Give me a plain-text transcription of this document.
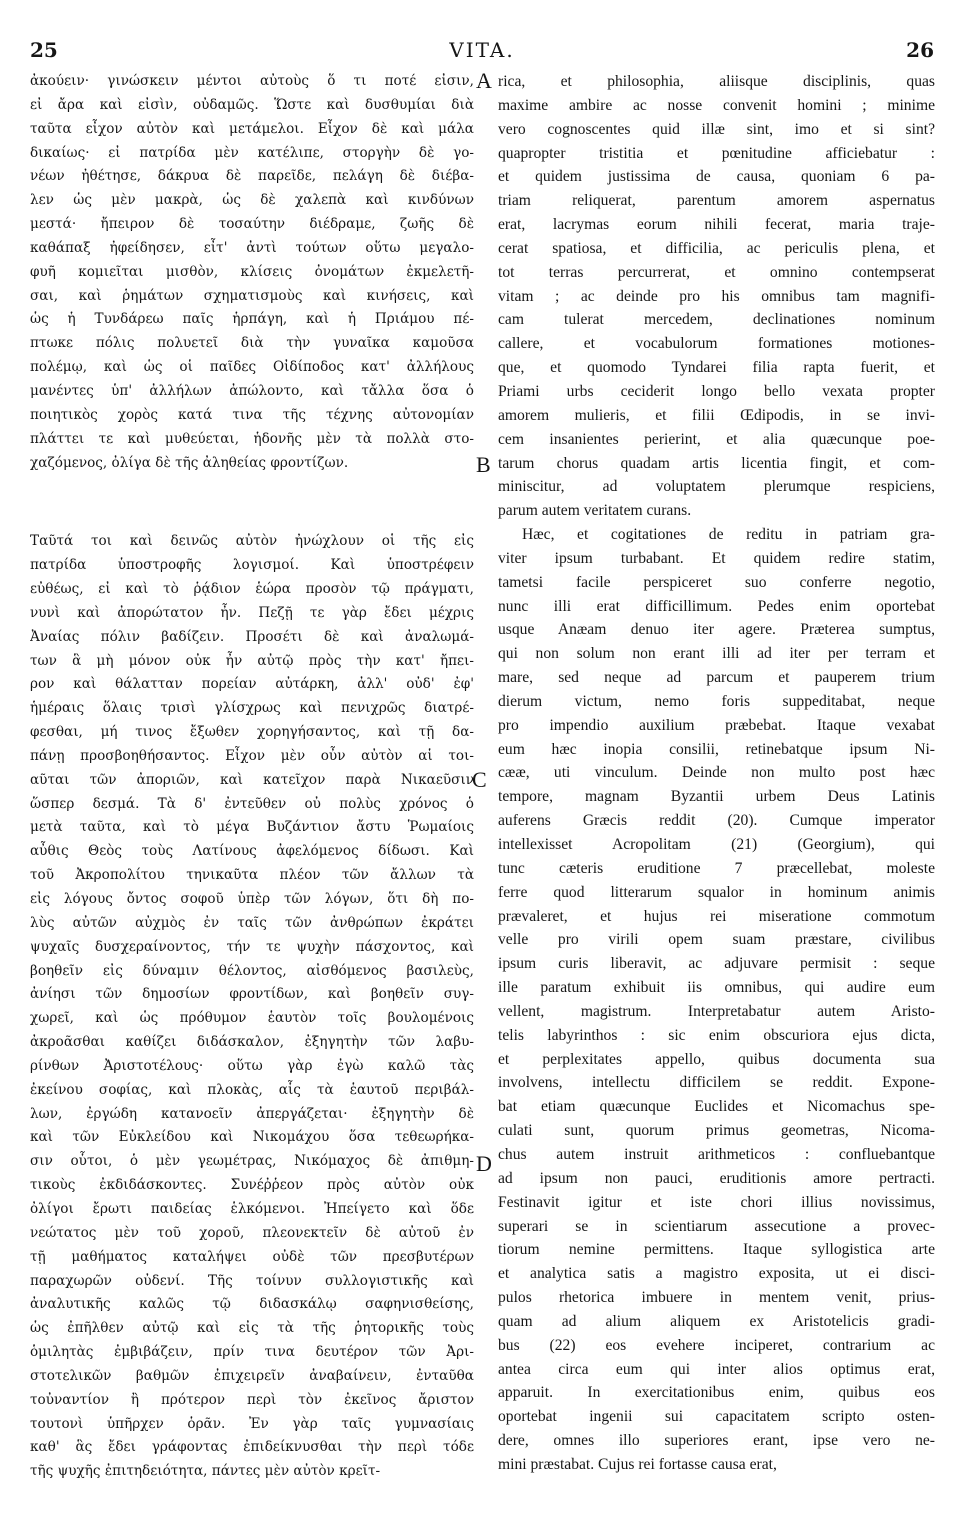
25	VITA.	26
ἀκούειν· γινώσκειν μέντοι αὐτοὺς ὅ τι ποτέ εἰσιν,
εἰ ἄρα καὶ εἰσὶν, οὐδαμῶς. Ὥστε καὶ δυσθυμίαι διὰ
ταῦτα εἶχον αὐτὸν καὶ μετάμελοι. Εἶχον δὲ καὶ μάλα
δικαίως· εἰ πατρίδα μὲν κατέλιπε, στοργὴν δὲ γο-
νέων ἠθέτησε, δάκρυα δὲ παρεῖδε, πελάγη δὲ διέβα-
λεν ὡς μὲν μακρὰ, ὡς δὲ χαλεπὰ καὶ κινδύνων
μεστά· ἤπειρον δὲ τοσαύτην διέδραμε, ζωῆς δὲ
καθάπαξ ἠφείδησεν, εἶτ' ἀντὶ τούτων οὕτω μεγαλο-
φυῆ κομιεῖται μισθὸν, κλίσεις ὀνομάτων ἐκμελετῆ-
σαι, καὶ ῥημάτων σχηματισμοὺς καὶ κινήσεις, καὶ
ὡς ἡ Τυνδάρεω παῖς ἡρπάγη, καὶ ἡ Πριάμου πέ-
πτωκε πόλις πολυετεῖ διὰ τὴν γυναῖκα καμοῦσα
πολέμῳ, καὶ ὡς οἱ παῖδες Οἰδίποδος κατ' ἀλλήλους
μανέντες ὑπ' ἀλλήλων ἀπώλοντο, καὶ τἄλλα ὅσα ὁ
ποιητικὸς χορὸς κατά τινα τῆς τέχνης αὐτονομίαν
πλάττει τε καὶ μυθεύεται, ἡδονῆς μὲν τὰ πολλὰ στο-
χαζόμενος, ὀλίγα δὲ τῆς ἀληθείας φροντίζων.
Ταῦτά τοι καὶ δεινῶς αὐτὸν ἠνώχλουν οἱ τῆς εἰς
πατρίδα ὑποστροφῆς λογισμοί. Καὶ ὑποστρέφειν
εὐθέως, εἰ καὶ τὸ ῥᾴδιον ἑώρα προσὸν τῷ πράγματι,
νυνὶ καὶ ἀπορώτατον ἦν. Πεζῇ τε γὰρ ἔδει μέχρις
Ἀναίας πόλιν βαδίζειν. Προσέτι δὲ καὶ ἀναλωμά-
των ἃ μὴ μόνον οὐκ ἦν αὐτῷ πρὸς τὴν κατ' ἤπει-
ρον καὶ θάλατταν πορείαν αὐτάρκη, ἀλλ' οὐδ' ἐφ'
ἡμέραις ὅλαις τρισὶ γλίσχρως καὶ πενιχρῶς διατρέ-
φεσθαι, μή τινος ἔξωθεν χορηγήσαντος, καὶ τῇ δα-
πάνῃ προσβοηθήσαντος. Εἶχον μὲν οὖν αὐτὸν αἱ τοι-
αῦται τῶν ἀποριῶν, καὶ κατεῖχον παρὰ Νικαεῦσιν
ὥσπερ δεσμά. Τὰ δ' ἐντεῦθεν οὐ πολὺς χρόνος ὁ
μετὰ ταῦτα, καὶ τὸ μέγα Βυζάντιον ἄστυ Ῥωμαίοις
αὖθις Θεὸς τοὺς Λατίνους ἀφελόμενος δίδωσι. Καὶ
τοῦ Ἀκροπολίτου τηνικαῦτα πλέον τῶν ἄλλων τὰ
εἰς λόγους ὄντος σοφοῦ ὑπὲρ τῶν λόγων, ὅτι δὴ πο-
λὺς αὐτῶν αὐχμὸς ἐν ταῖς τῶν ἀνθρώπων ἐκράτει
ψυχαῖς δυσχεραίνοντος, τήν τε ψυχὴν πάσχοντος, καὶ
βοηθεῖν εἰς δύναμιν θέλοντος, αἰσθόμενος βασιλεὺς,
ἀνίησι τῶν δημοσίων φροντίδων, καὶ βοηθεῖν συγ-
χωρεῖ, καὶ ὡς πρόθυμον ἑαυτὸν τοῖς βουλομένοις
ἀκροᾶσθαι καθίζει διδάσκαλον, ἐξηγητὴν τῶν λαβυ-
ρίνθων Ἀριστοτέλους· οὕτω γὰρ ἐγὼ καλῶ τὰς
ἐκείνου σοφίας, καὶ πλοκὰς, αἷς τὰ ἑαυτοῦ περιβάλ-
λων, ἐργώδη κατανοεῖν ἀπεργάζεται· ἐξηγητὴν δὲ
καὶ τῶν Εὐκλείδου καὶ Νικομάχου ὅσα τεθεωρήκα-
σιν οὗτοι, ὁ μὲν γεωμέτρας, Νικόμαχος δὲ ἀπιθμη-
τικοὺς ἐκδιδάσκοντες. Συνέῤῥεον πρὸς αὐτὸν οὐκ
ὀλίγοι ἔρωτι παιδείας ἑλκόμενοι. Ἠπείγετο καὶ ὅδε
νεώτατος μὲν τοῦ χοροῦ, πλεονεκτεῖν δὲ αὐτοῦ ἐν
τῇ μαθήματος καταλήψει οὐδὲ τῶν πρεσβυτέρων
παραχωρῶν οὐδενί. Τῆς τοίνυν συλλογιστικῆς καὶ
ἀναλυτικῆς καλῶς τῷ διδασκάλῳ σαφηνισθείσης,
ὡς ἐπῆλθεν αὐτῷ καὶ εἰς τὰ τῆς ῥητορικῆς τοὺς
ὁμιλητὰς ἐμβιβάζειν, πρίν τινα δευτέρον τῶν Ἀρι-
στοτελικῶν βαθμῶν ἐπιχειρεῖν ἀναβαίνειν, ἐνταῦθα
τοὐναντίον ἢ πρότερον περὶ τὸν ἐκεῖνος ἄριστον
τουτονὶ ὑπῆρχεν ὁρᾶν. Ἐν γὰρ ταῖς γυμνασίαις
καθ' ἃς ἔδει γράφοντας ἐπιδείκνυσθαι τὴν περὶ τόδε
τῆς ψυχῆς ἐπιτηδειότητα, πάντες μὲν αὐτὸν κρεῖτ-
rica, et philosophia, aliisque disciplinis, quas
maxime ambire ac nosse convenit homini ; minime
vero cognoscentes quid illæ sint, imo et si sint?
quapropter tristitia et pœnitudine afficiebatur :
et quidem justissima de causa, quoniam 6 pa-
triam reliquerat, parentum amorem aspernatus
erat, lacrymas eorum nihili fecerat, maria traje-
cerat spatiosa, et difficilia, ac periculis plena, et
tot terras percurrerat, et omnino contempserat
vitam ; ac deinde pro his omnibus tam magnifi-
cam tulerat mercedem, declinationes nominum
callere, et vocabulorum formationes motiones-
que, et quomodo Tyndarei filia rapta fuerit, et
Priami urbs ceciderit longo bello vexata propter
amorem mulieris, et filii Œdipodis, in se invi-
cem insanientes perierint, et alia quæcunque poe-
tarum chorus quadam artis licentia fingit, et com-
miniscitur, ad voluptatem plerumque respiciens,
parum autem veritatem curans.
Hæc, et cogitationes de reditu in patriam gra-
viter ipsum turbabant. Et quidem redire statim,
tametsi facile perspiceret suo conferre negotio,
nunc illi erat difficillimum. Pedes enim oportebat
usque Anæam denuo iter agere. Præterea sumptus,
qui non solum non erant illi ad iter per terram et
mare, sed neque ad parcum et pauperem trium
dierum victum, nemo foris suppeditabat, neque
pro impendio auxilium præbebat. Itaque vexabat
eum hæc inopia consilii, retinebatque ipsum Ni-
cææ, uti vinculum. Deinde non multo post hæc
tempore, magnam Byzantii urbem Deus Latinis
auferens Græcis reddit (20). Cumque imperator
intellexisset Acropolitam (21) (Georgium), qui
tunc cæteris eruditione 7 præcellebat, moleste
ferre quod litterarum squalor in hominum animis
prævaleret, et hujus rei miseratione commotum
velle pro virili opem suam præstare, civilibus
ipsum curis liberavit, ac adjuvare permisit : seque
ille paratum exhibuit iis omnibus, qui audire eum
vellent, magistrum. Interpretabatur autem Aristo-
telis labyrinthos : sic enim obscuriora ejus dicta,
et perplexitates appello, quibus documenta sua
involvens, intellectu difficilem se reddit. Expone-
bat etiam quæcunque Euclides et Nicomachus spe-
culati sunt, quorum primus geometras, Nicoma-
chus autem instruit arithmeticos : confluebantque
ad ipsum non pauci, eruditionis amore pertracti.
Festinavit igitur et iste chori illius novissimus,
superari se in scientiarum assecutione a provec-
tiorum nemine permittens. Itaque syllogistica arte
et analytica satis a magistro exposita, ut ei disci-
pulos rhetorica imbuere in mentem venit, prius-
quam ad alium aliquem ex Aristotelicis gradi-
bus (22) eos evehere inciperet, contrarium ac
antea circa eum qui inter alios optimus erat,
apparuit. In exercitationibus enim, quibus eos
oportebat ingenii sui capacitatem scripto osten-
dere, omnes illo superiores erant, ipse vero ne-
mini præstabat. Cujus rei fortasse causa erat,
A
B
C
D
